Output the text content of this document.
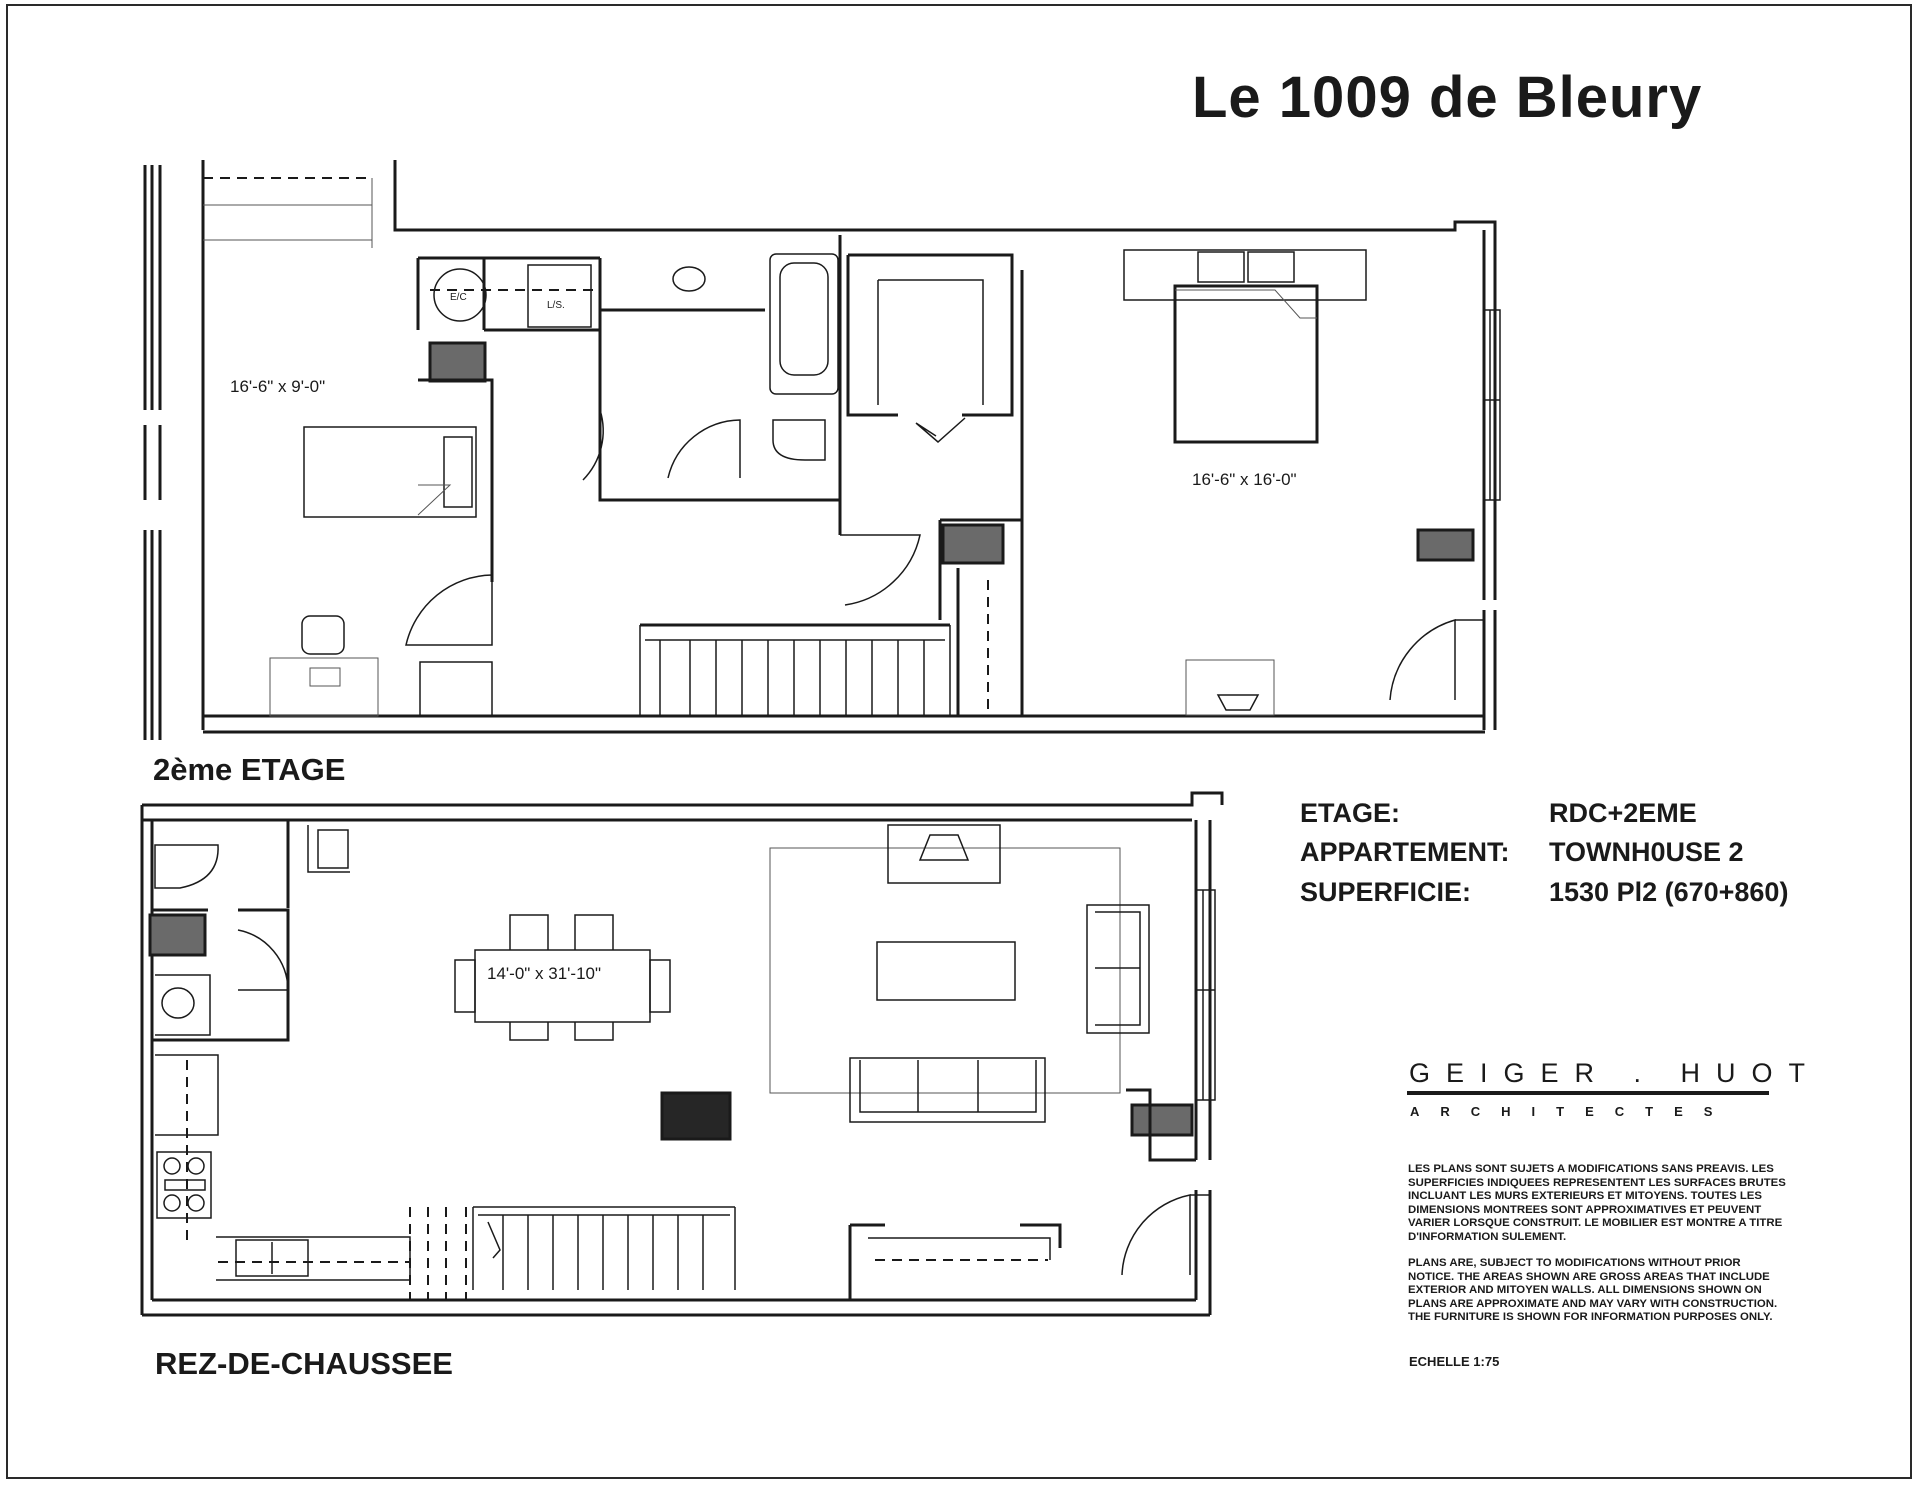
Le 1009 de Bleury
E/C
L/S.
16'-6" x 9'-0"
16'-6" x 16'-0"
14'-0" x 31'-10"
2ème ETAGE
REZ-DE-CHAUSSEE
ETAGE:	RDC+2EME
APPARTEMENT: TOWNH0USE 2
SUPERFICIE:	1530 Pl2 (670+860)
GEIGER . HUOT
ARCHITECTES
LES PLANS SONT SUJETS A MODIFICATIONS SANS PREAVIS. LES SUPERFICIES INDIQUEES REPRESENTENT LES SURFACES BRUTES INCLUANT LES MURS EXTERIEURS ET MITOYENS. TOUTES LES DIMENSIONS MONTREES SONT APPROXIMATIVES ET PEUVENT VARIER LORSQUE CONSTRUIT. LE MOBILIER EST MONTRE A TITRE D'INFORMATION SULEMENT.
PLANS ARE, SUBJECT TO MODIFICATIONS WITHOUT PRIOR NOTICE. THE AREAS SHOWN ARE GROSS AREAS THAT INCLUDE EXTERIOR AND MITOYEN WALLS. ALL DIMENSIONS SHOWN ON PLANS ARE APPROXIMATE AND MAY VARY WITH CONSTRUCTION. THE FURNITURE IS SHOWN FOR INFORMATION PURPOSES ONLY.
ECHELLE 1:75
